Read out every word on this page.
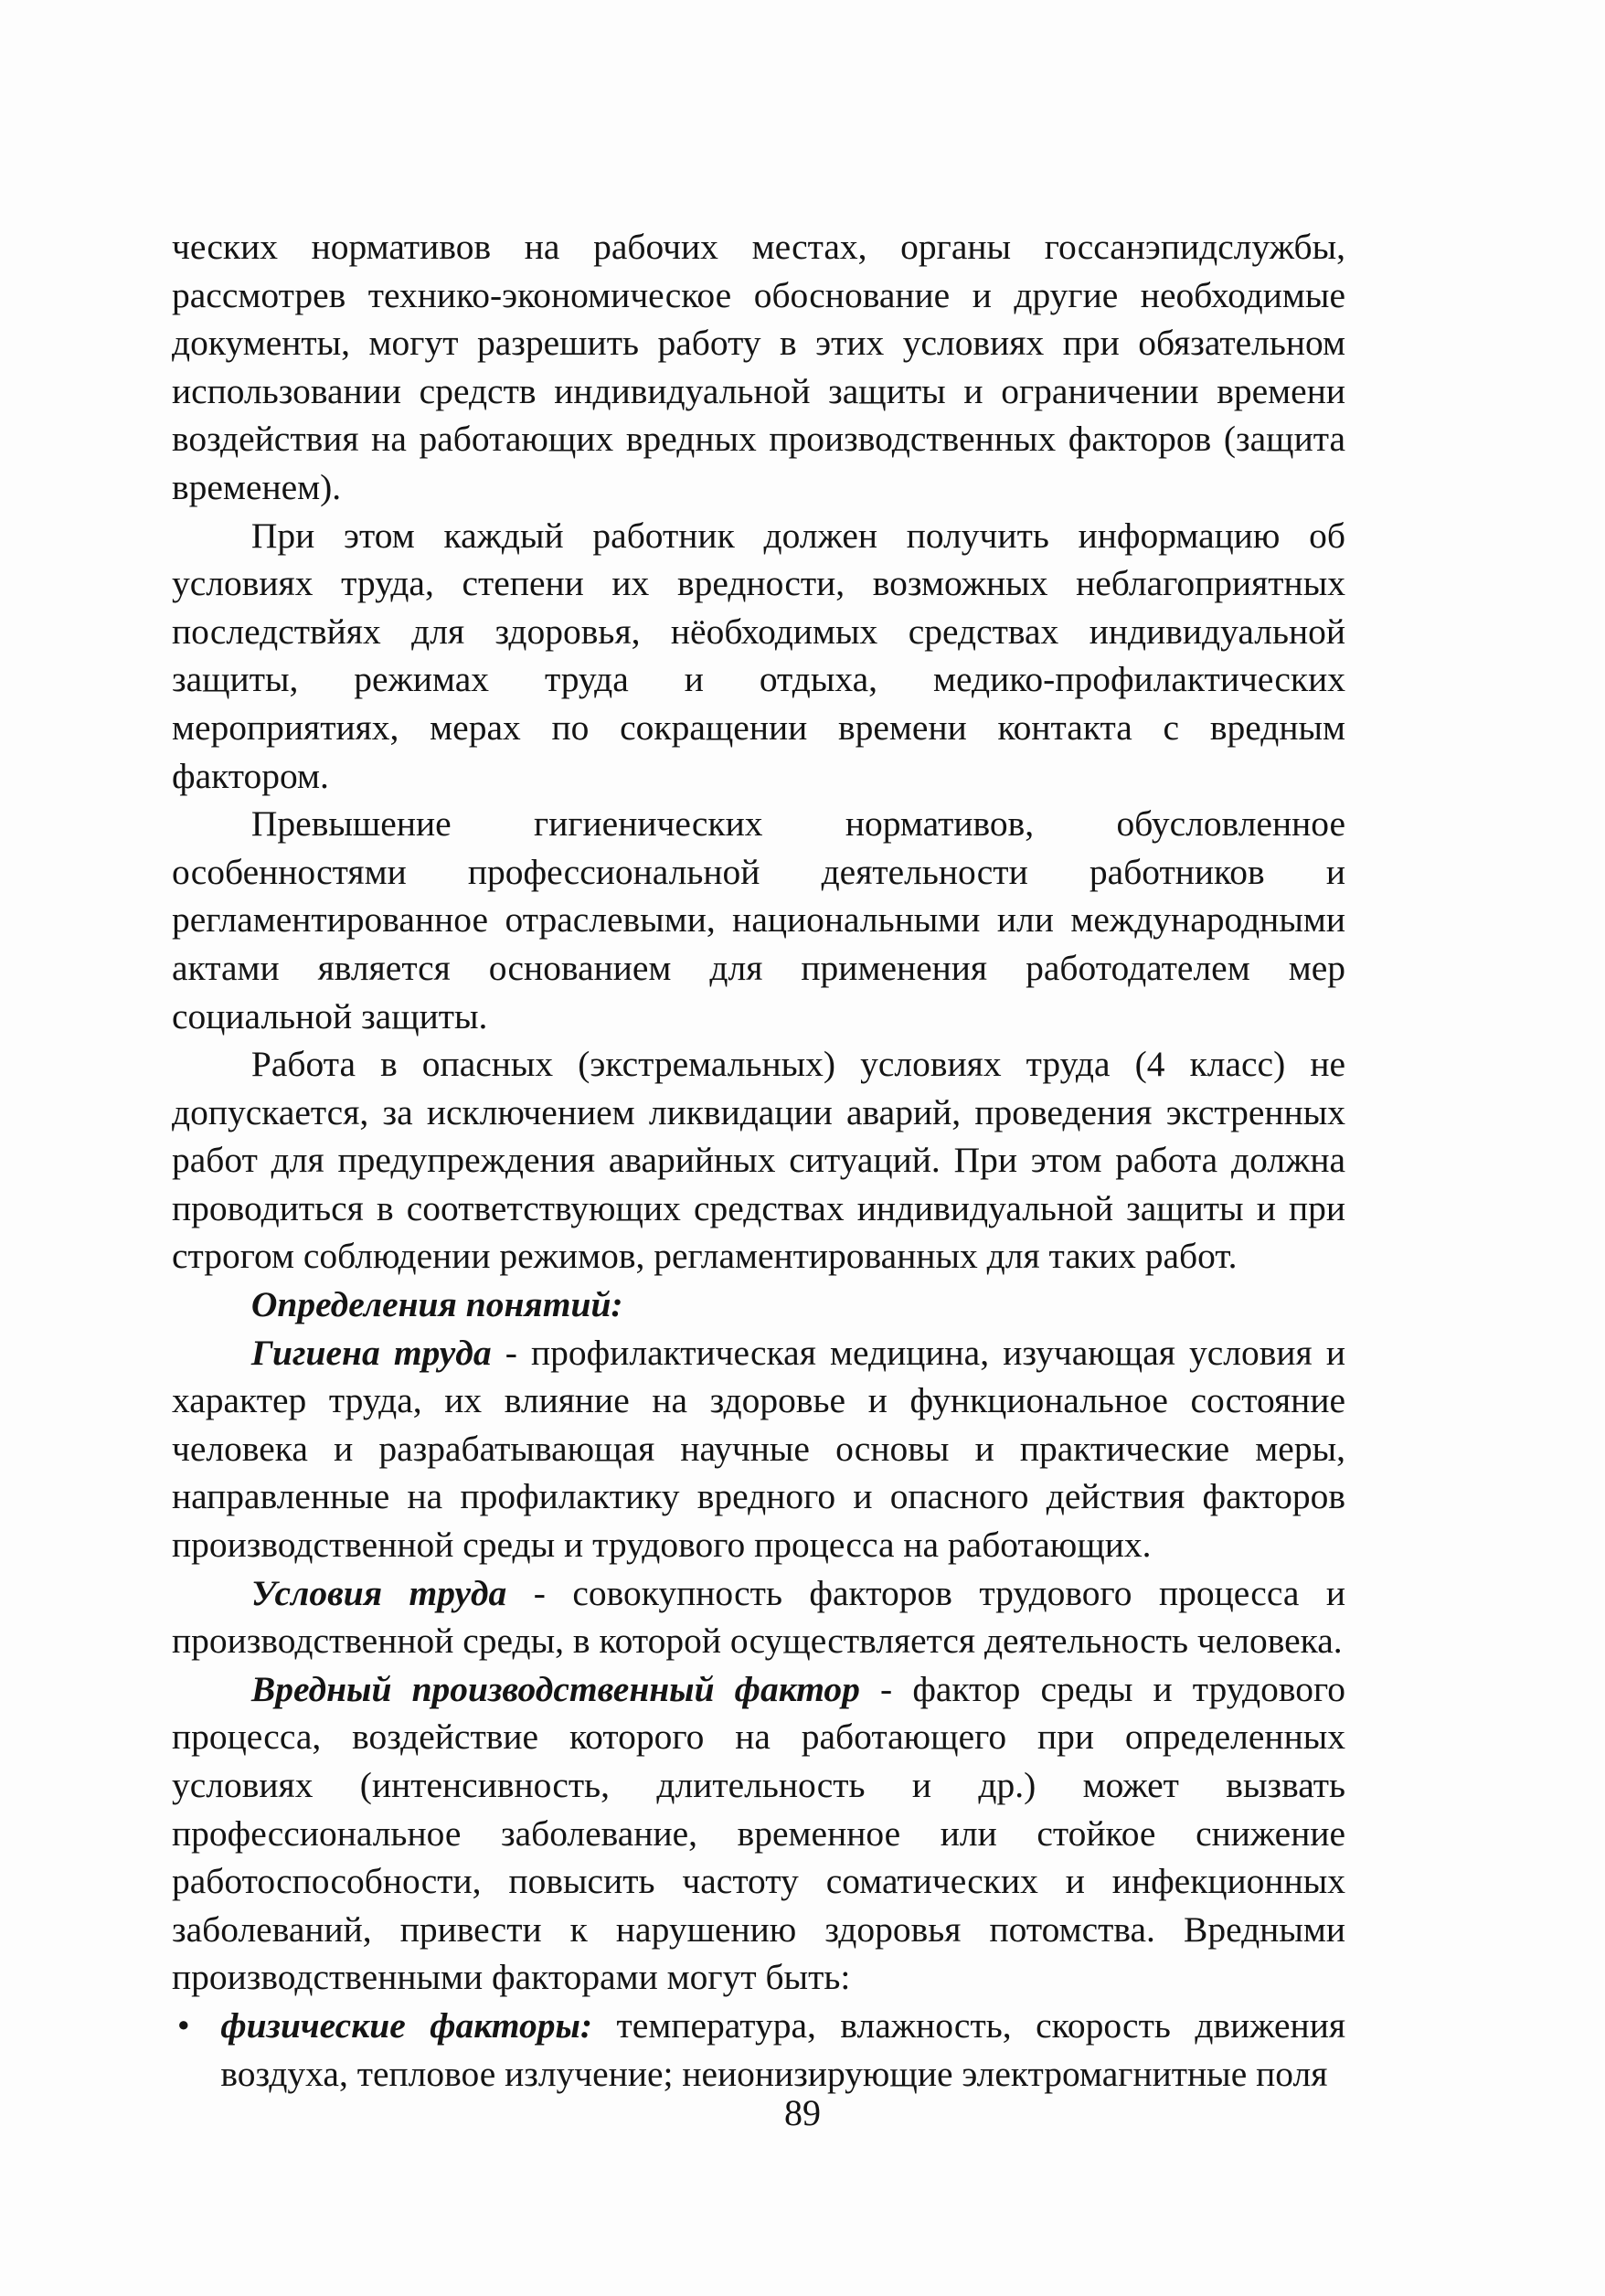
ческих нормативов на рабочих местах, органы госсанэпидслужбы, рассмотрев технико-экономическое обоснование и другие необходимые документы, могут разрешить работу в этих условиях при обязательном использовании средств индивидуальной защиты и ограничении времени воздействия на работающих вредных производственных факторов (защита временем).

При этом каждый работник должен получить информацию об условиях труда, степени их вредности, возможных неблагоприятных последствйях для здоровья, нёобходимых средствах индивидуальной защиты, режимах труда и отдыха, медико-профилактических мероприятиях, мерах по сокращении времени контакта с вредным фактором.

Превышение гигиенических нормативов, обусловленное особенностями профессиональной деятельности работников и регламентированное отраслевыми, национальными или международными актами является основанием для применения работодателем мер социальной защиты.

Работа в опасных (экстремальных) условиях труда (4 класс) не допускается, за исключением ликвидации аварий, проведения экстренных работ для предупреждения аварийных ситуаций. При этом работа должна проводиться в соответствующих средствах индивидуальной защиты и при строгом соблюдении режимов, регламентированных для таких работ.

Определения понятий:

Гигиена труда - профилактическая медицина, изучающая условия и характер труда, их влияние на здоровье и функциональное состояние человека и разрабатывающая научные основы и практические меры, направленные на профилактику вредного и опасного действия факторов производственной среды и трудового процесса на работающих.

Условия труда - совокупность факторов трудового процесса и производственной среды, в которой осуществляется деятельность человека.

Вредный производственный фактор - фактор среды и трудового процесса, воздействие которого на работающего при определенных условиях (интенсивность, длительность и др.) может вызвать профессиональное заболевание, временное или стойкое снижение работоспособности, повысить частоту соматических и инфекционных заболеваний, привести к нарушению здоровья потомства. Вредными производственными факторами могут быть:

• физические факторы: температура, влажность, скорость движения воздуха, тепловое излучение; неионизирующие электромагнитные поля
89
